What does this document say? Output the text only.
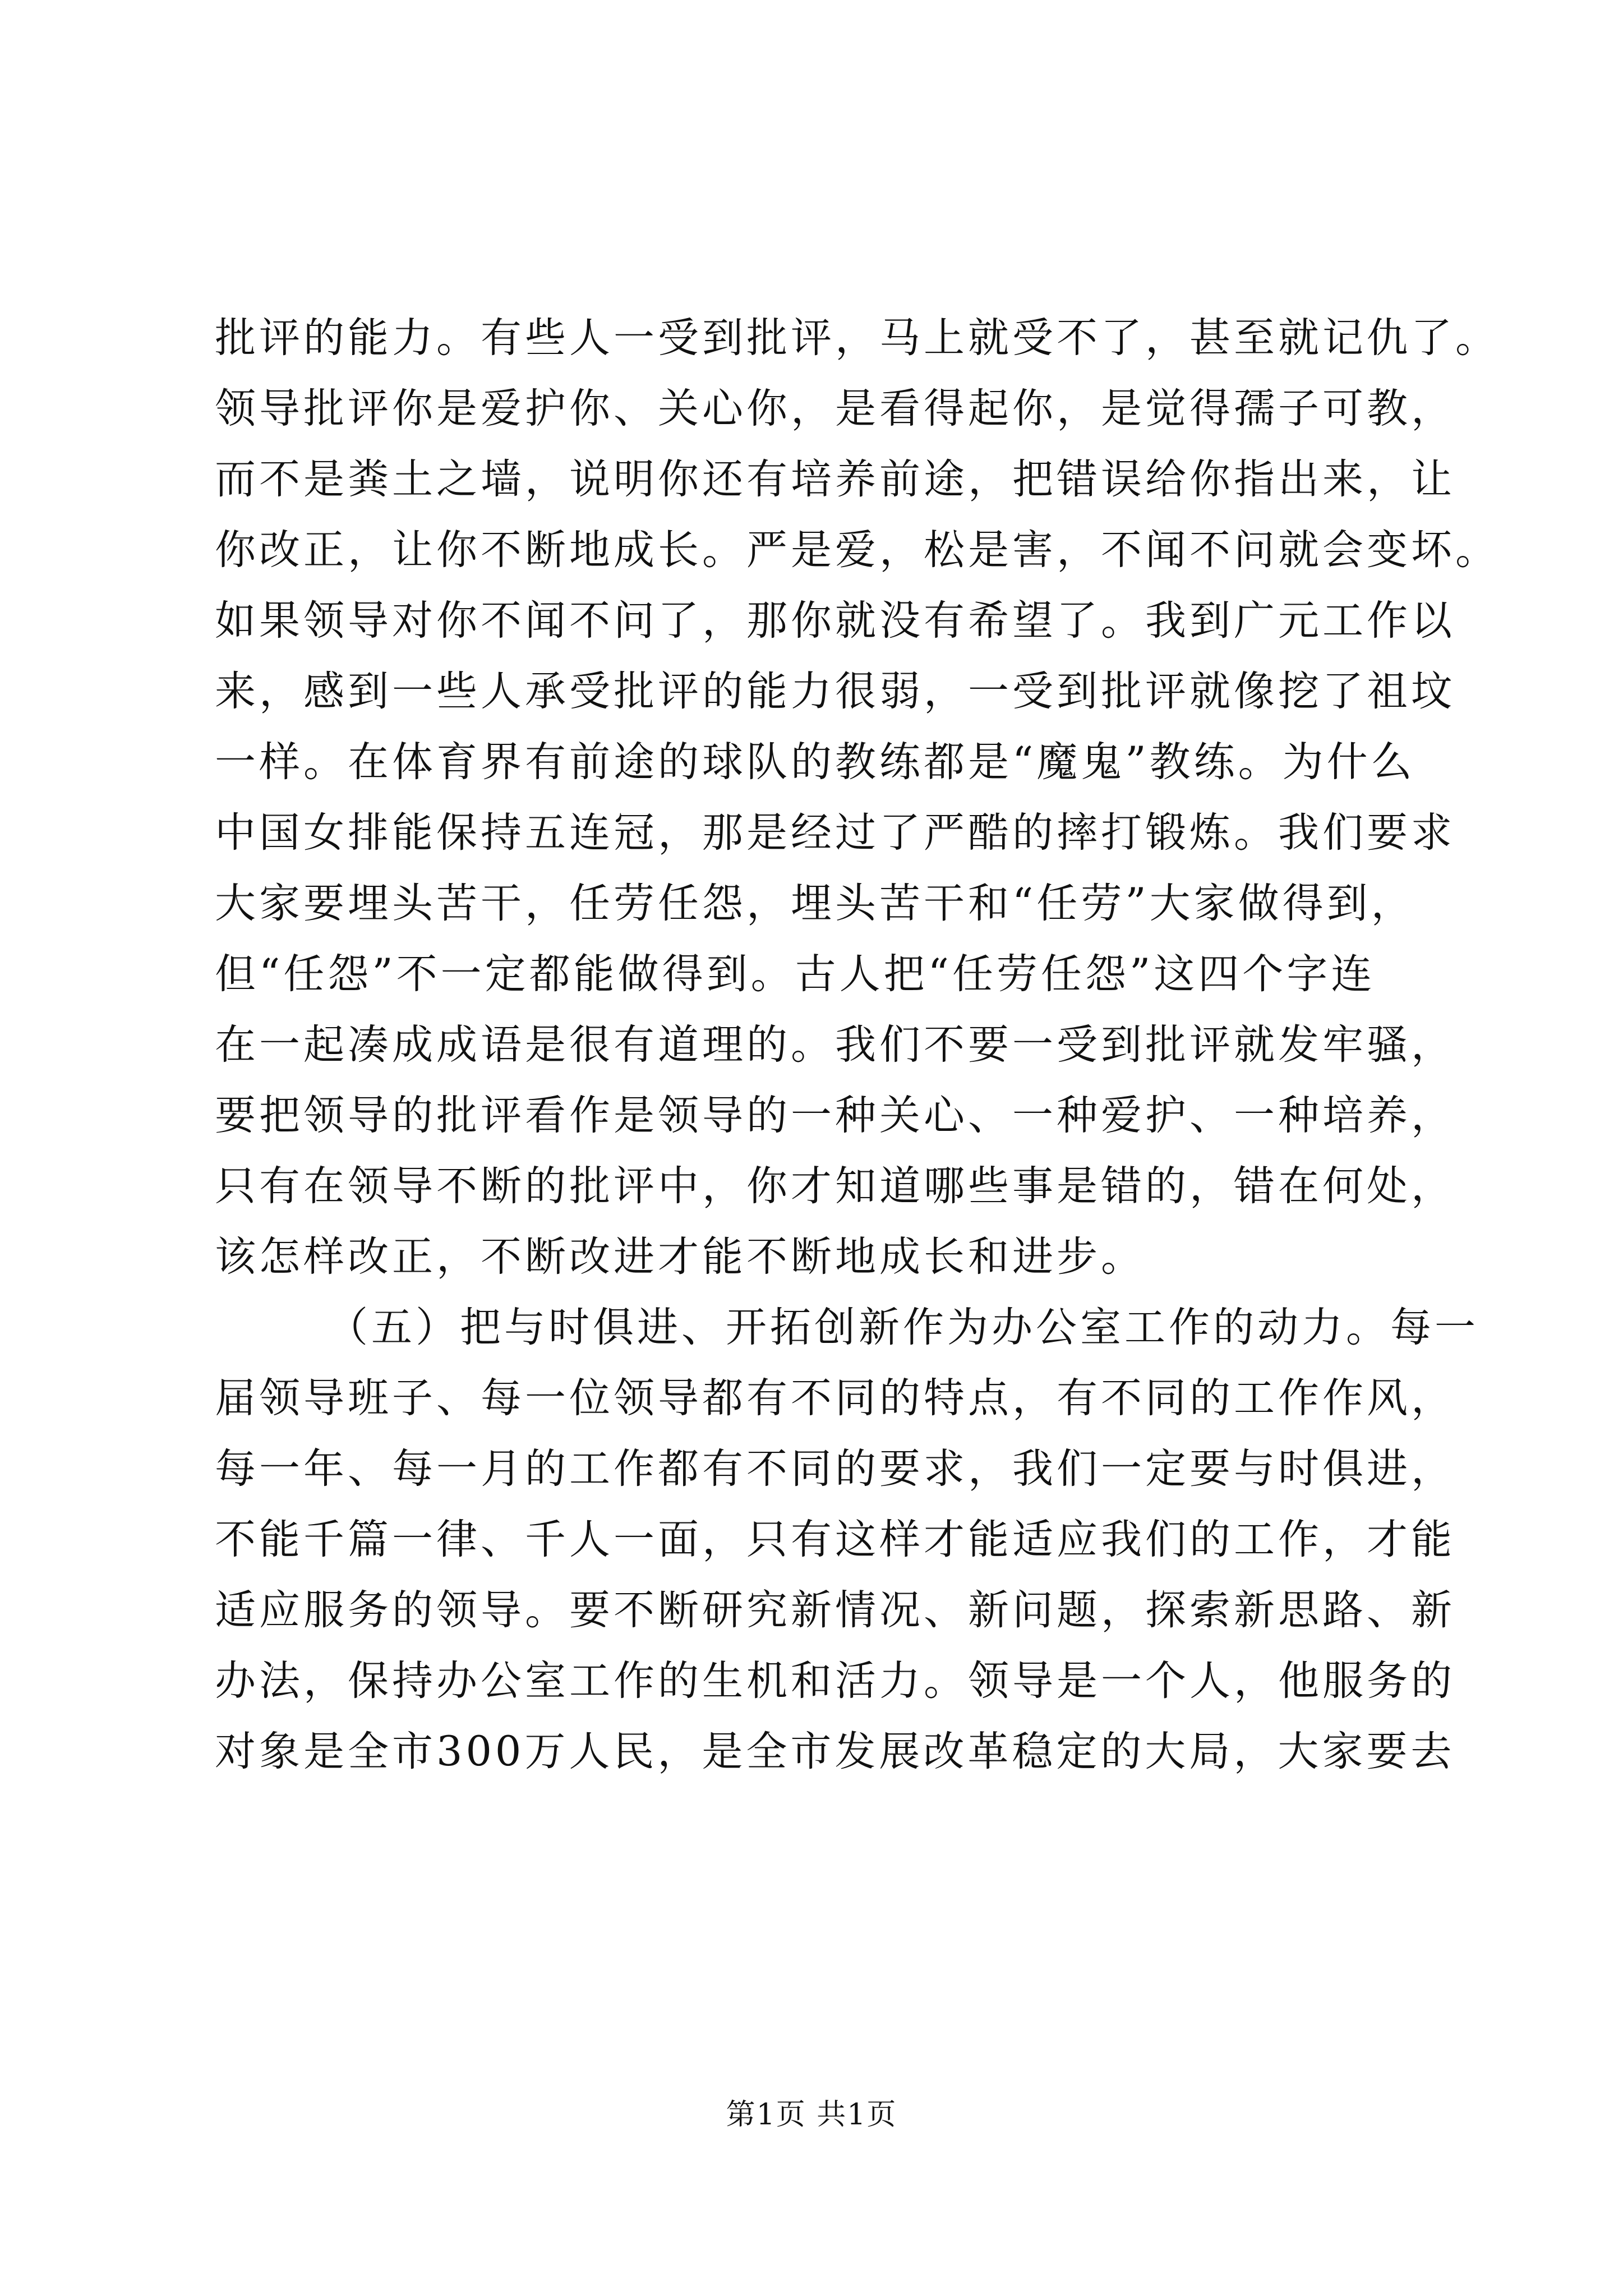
批评的能力。有些人一受到批评，马上就受不了，甚至就记仇了。
领导批评你是爱护你、关心你，是看得起你，是觉得孺子可教，
而不是粪土之墙，说明你还有培养前途，把错误给你指出来，让
你改正，让你不断地成长。严是爱，松是害，不闻不问就会变坏。
如果领导对你不闻不问了，那你就没有希望了。我到广元工作以
来，感到一些人承受批评的能力很弱，一受到批评就像挖了祖坟
一样。在体育界有前途的球队的教练都是“魔鬼”教练。为什么
中国女排能保持五连冠，那是经过了严酷的摔打锻炼。我们要求
大家要埋头苦干，任劳任怨，埋头苦干和“任劳”大家做得到，
但“任怨”不一定都能做得到。古人把“任劳任怨”这四个字连
在一起凑成成语是很有道理的。我们不要一受到批评就发牢骚，
要把领导的批评看作是领导的一种关心、一种爱护、一种培养，
只有在领导不断的批评中，你才知道哪些事是错的，错在何处，
该怎样改正，不断改进才能不断地成长和进步。
（五）把与时俱进、开拓创新作为办公室工作的动力。每一
届领导班子、每一位领导都有不同的特点，有不同的工作作风，
每一年、每一月的工作都有不同的要求，我们一定要与时俱进，
不能千篇一律、千人一面，只有这样才能适应我们的工作，才能
适应服务的领导。要不断研究新情况、新问题，探索新思路、新
办法，保持办公室工作的生机和活力。领导是一个人，他服务的
对象是全市300万人民，是全市发展改革稳定的大局，大家要去
第1页 共1页
